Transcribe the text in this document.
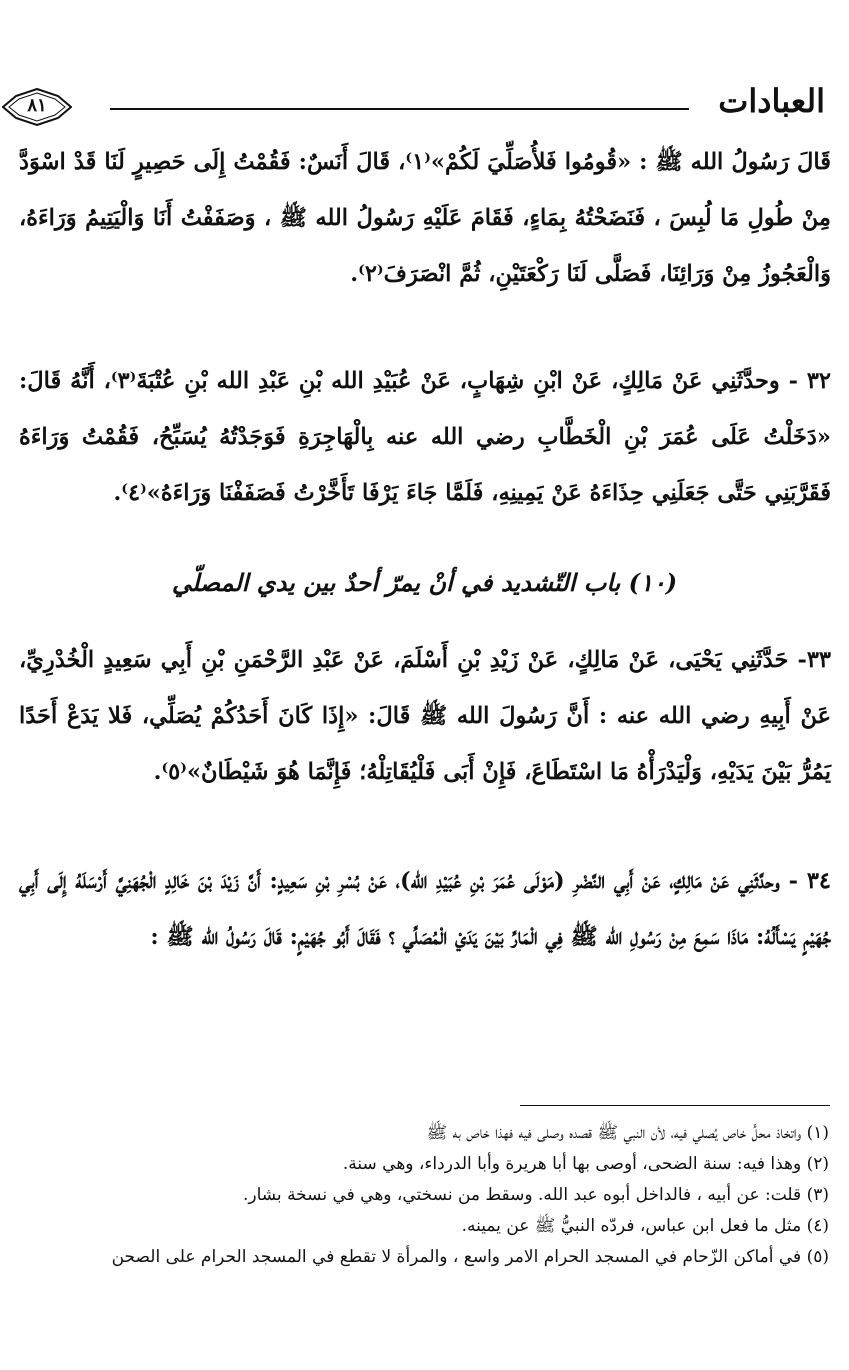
العبادات
٨١
قَالَ رَسُولُ الله ﷺ : «قُومُوا فَلأُصَلِّيَ لَكُمْ»⁽١⁾، قَالَ أَنَسٌ: فَقُمْتُ إِلَى حَصِيرٍ لَنَا قَدْ اسْوَدَّ مِنْ طُولِ مَا لُبِسَ ، فَنَضَحْتُهُ بِمَاءٍ، فَقَامَ عَلَيْهِ رَسُولُ الله ﷺ ، وَصَفَفْتُ أَنَا وَالْيَتِيمُ وَرَاءَهُ، وَالْعَجُوزُ مِنْ وَرَائِنَا، فَصَلَّى لَنَا رَكْعَتَيْنِ، ثُمَّ انْصَرَفَ⁽٢⁾.
٣٢ - وحدَّثَنِي عَنْ مَالِكٍ، عَنْ ابْنِ شِهَابٍ، عَنْ عُبَيْدِ الله بْنِ عَبْدِ الله بْنِ عُتْبَةَ⁽٣⁾، أَنَّهُ قَالَ: «دَخَلْتُ عَلَى عُمَرَ بْنِ الْخَطَّابِ رضي الله عنه بِالْهَاجِرَةِ فَوَجَدْتُهُ يُسَبِّحُ، فَقُمْتُ وَرَاءَهُ فَقَرَّبَنِي حَتَّى جَعَلَنِي حِذَاءَهُ عَنْ يَمِينِهِ، فَلَمَّا جَاءَ يَرْفَا تَأَخَّرْتُ فَصَفَفْنَا وَرَاءَهُ»⁽٤⁾.
(١٠) باب التّشديد في أنْ يمرّ أحدٌ بين يدي المصلّي
٣٣- حَدَّثَنِي يَحْيَى، عَنْ مَالِكٍ، عَنْ زَيْدِ بْنِ أَسْلَمَ، عَنْ عَبْدِ الرَّحْمَنِ بْنِ أَبِي سَعِيدٍ الْخُدْرِيِّ، عَنْ أَبِيهِ رضي الله عنه : أَنَّ رَسُولَ الله ﷺ قَالَ: «إِذَا كَانَ أَحَدُكُمْ يُصَلِّي، فَلا يَدَعْ أَحَدًا يَمُرُّ بَيْنَ يَدَيْهِ، وَلْيَدْرَأْهُ مَا اسْتَطَاعَ، فَإِنْ أَبَى فَلْيُقَاتِلْهُ؛ فَإِنَّمَا هُوَ شَيْطَانٌ»⁽٥⁾.
٣٤ - وحدَّثَنِي عَنْ مَالِكٍ، عَنْ أَبِي النَّضْرِ (مَوْلَى عُمَرَ بْنِ عُبَيْدِ الله)، عَنْ بُسْرِ بْنِ سَعِيدٍ: أَنَّ زَيْدَ بْنَ خَالِدٍ الْجُهَنِيَّ أَرْسَلَهُ إِلَى أَبِي جُهَيْمٍ يَسْأَلُهُ: مَاذَا سَمِعَ مِنْ رَسُولِ الله ﷺ فِي الْمَارِّ بَيْنَ يَدَيْ الْمُصَلِّي ؟ فَقَالَ أَبُو جُهَيْمٍ: قَالَ رَسُولُ الله ﷺ :
(١) واتخاذ محلٍّ خاص يُصلي فيه، لأن النبي ﷺ قصده وصلى فيه فهذا خاص به ﷺ
(٢) وهذا فيه: سنة الضحى، أوصى بها أبا هريرة وأبا الدرداء، وهي سنة.
(٣) قلت: عن أبيه ، فالداخل أبوه عبد الله. وسقط من نسختي، وهي في نسخة بشار.
(٤) مثل ما فعل ابن عباس، فردّه النبيُّ ﷺ عن يمينه.
(٥) في أماكن الزّحام في المسجد الحرام الامر واسع ، والمرأة لا تقطع في المسجد الحرام على الصحن
